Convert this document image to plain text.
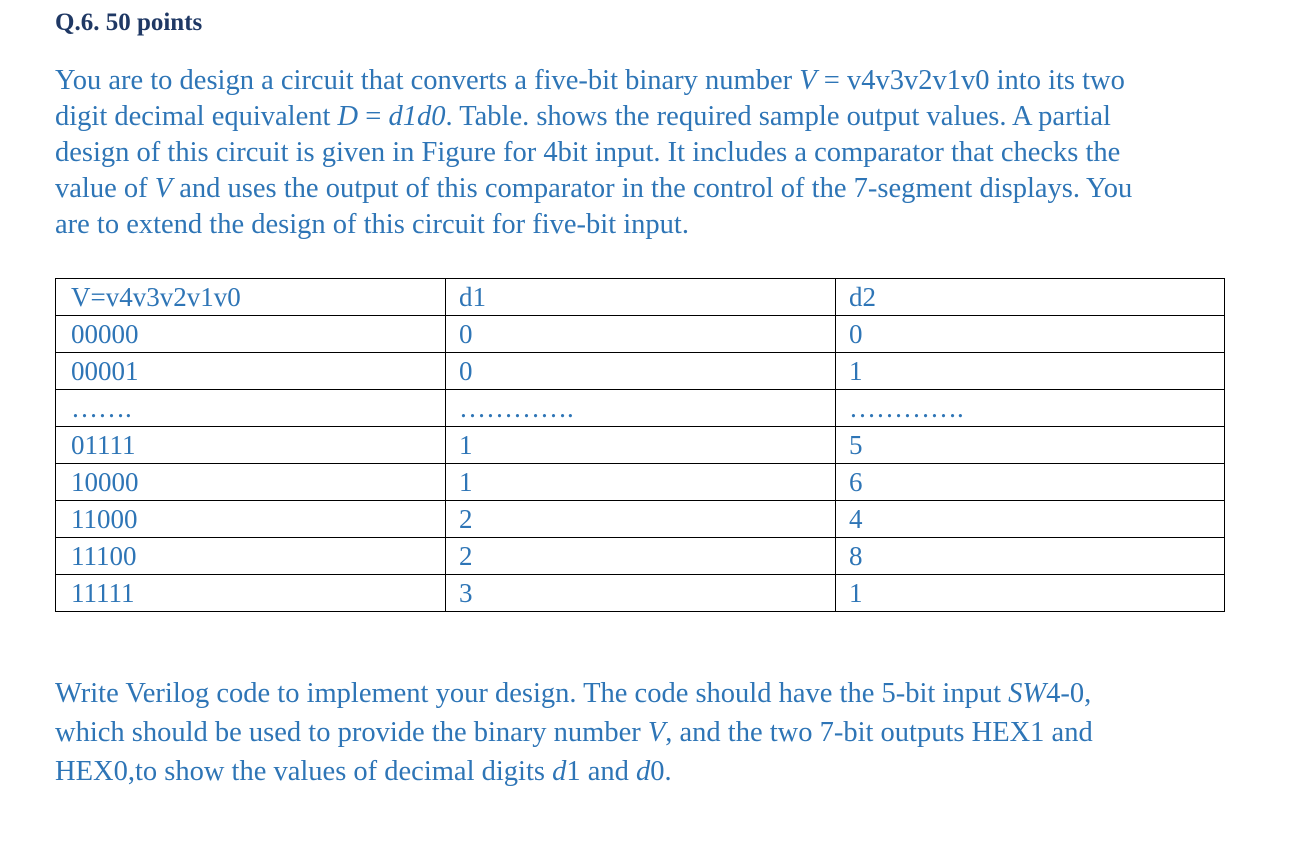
Q.6. 50 points
You are to design a circuit that converts a five-bit binary number V = v4v3v2v1v0 into its two
digit decimal equivalent D = d1d0. Table. shows the required sample output values. A partial
design of this circuit is given in Figure for 4bit input. It includes a comparator that checks the
value of V and uses the output of this comparator in the control of the 7-segment displays. You
are to extend the design of this circuit for five-bit input.
V=v4v3v2v1v0	d1	d2
00000	0	0
00001	0	1
…….	………….	………….
01111	1	5
10000	1	6
11000	2	4
11100	2	8
11111	3	1
Write Verilog code to implement your design. The code should have the 5-bit input SW4-0,
which should be used to provide the binary number V, and the two 7-bit outputs HEX1 and
HEX0,to show the values of decimal digits d1 and d0.
